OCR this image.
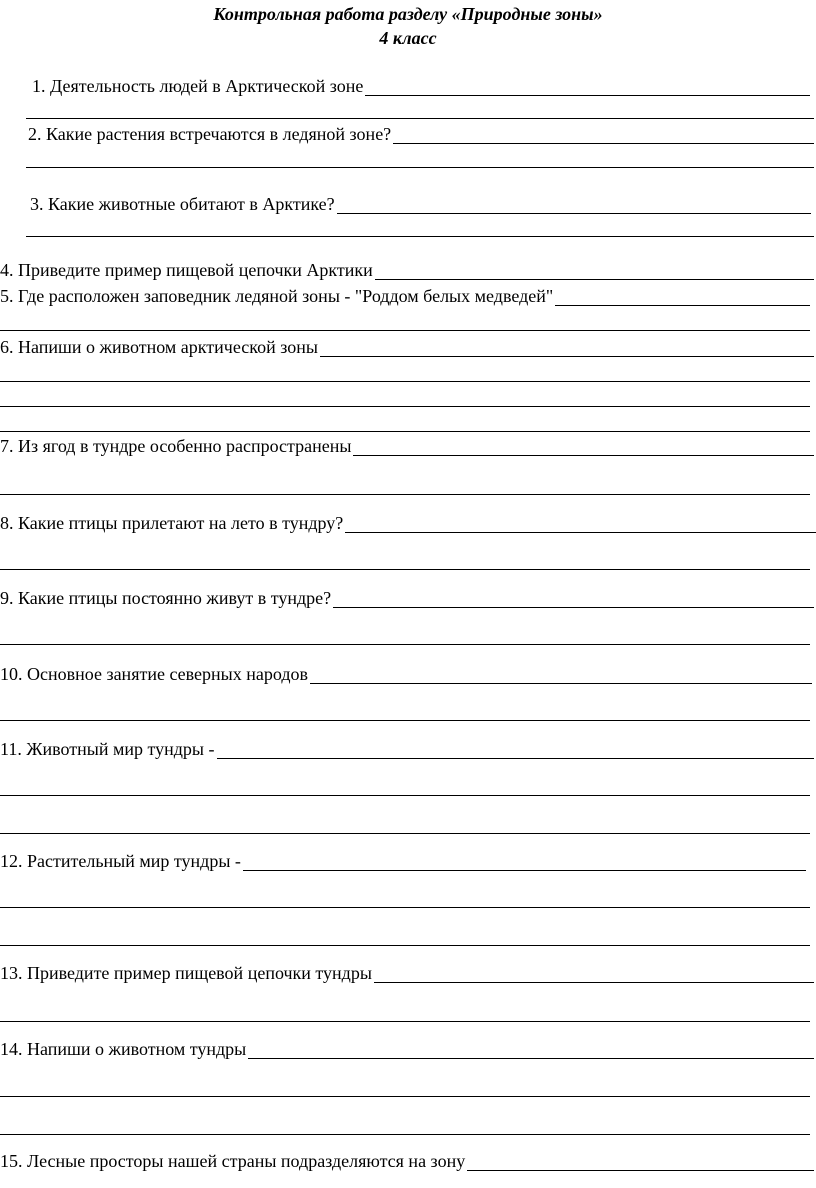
Контрольная работа разделу «Природные зоны»
4 класс
1. Деятельность людей в Арктической зоне
2. Какие растения встречаются в ледяной зоне?
3. Какие животные обитают в Арктике?
4. Приведите пример пищевой цепочки Арктики
5. Где расположен заповедник ледяной зоны - "Роддом белых медведей"
6. Напиши о животном арктической зоны
7. Из ягод в тундре особенно распространены
8. Какие птицы прилетают на лето в тундру?
9. Какие птицы постоянно живут в тундре?
10. Основное занятие северных народов
11. Животный мир тундры -
12. Растительный мир тундры -
13. Приведите пример пищевой цепочки тундры
14. Напиши о животном тундры
15. Лесные просторы нашей страны подразделяются на зону
